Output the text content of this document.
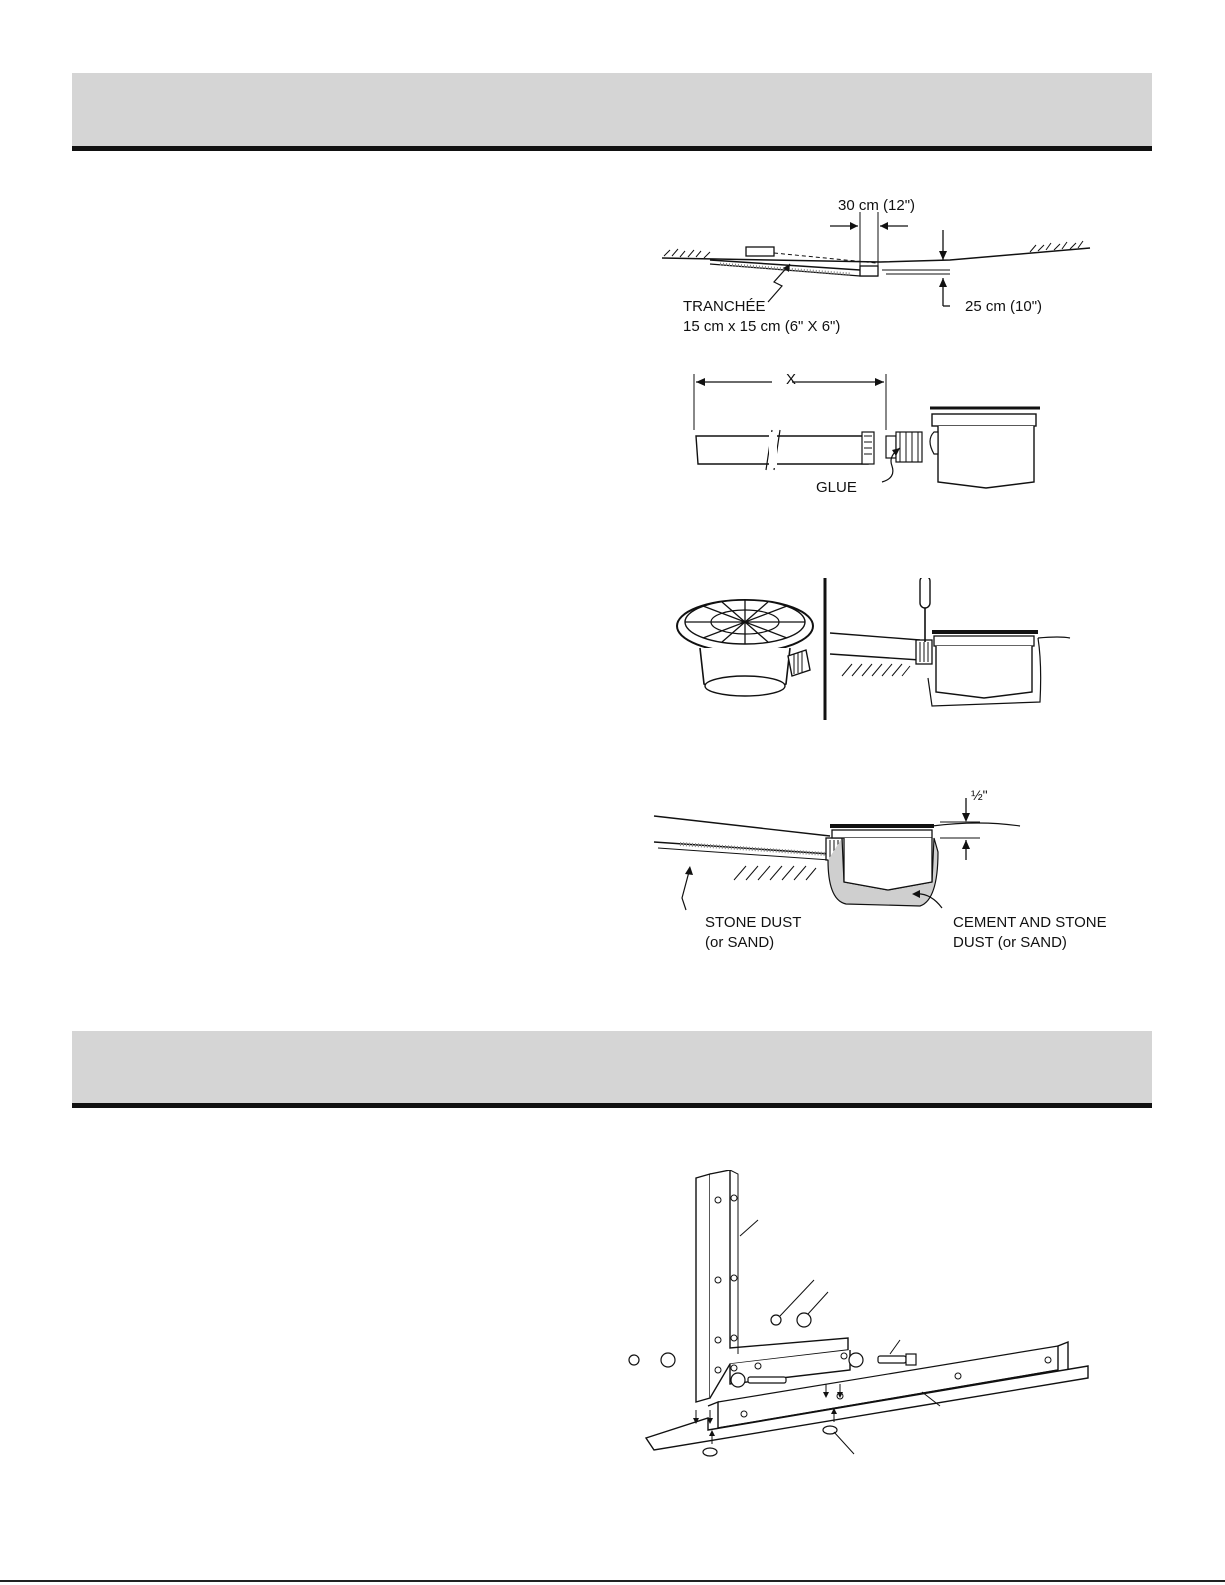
30 cm (12")
TRANCHÉE
15 cm x 15 cm (6" X 6")
25 cm (10")
X
GLUE
½"
STONE DUST
(or SAND)
CEMENT AND STONE
DUST (or SAND)
